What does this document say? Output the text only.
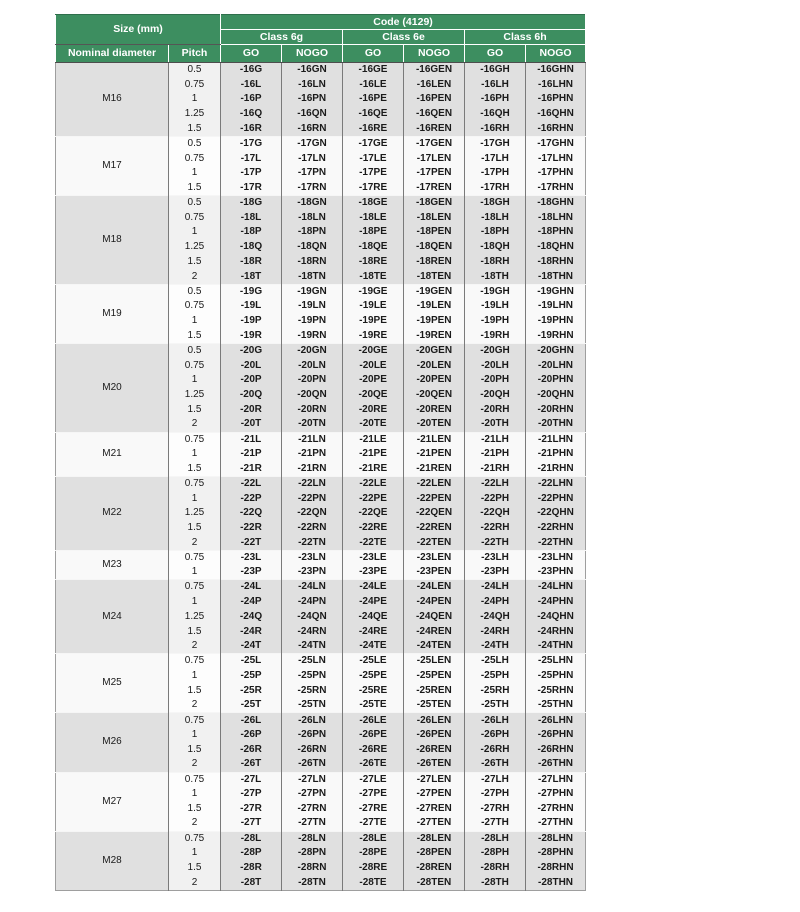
Size (mm)		Code (4129)					
		Class 6g		Class 6e		Class 6h	
Nominal diameter	Pitch	GO	NOGO	GO	NOGO	GO	NOGO
M16	0.5	-16G	-16GN	-16GE	-16GEN	-16GH	-16GHN
	0.75	-16L	-16LN	-16LE	-16LEN	-16LH	-16LHN
	1	-16P	-16PN	-16PE	-16PEN	-16PH	-16PHN
	1.25	-16Q	-16QN	-16QE	-16QEN	-16QH	-16QHN
	1.5	-16R	-16RN	-16RE	-16REN	-16RH	-16RHN
M17	0.5	-17G	-17GN	-17GE	-17GEN	-17GH	-17GHN
	0.75	-17L	-17LN	-17LE	-17LEN	-17LH	-17LHN
	1	-17P	-17PN	-17PE	-17PEN	-17PH	-17PHN
	1.5	-17R	-17RN	-17RE	-17REN	-17RH	-17RHN
M18	0.5	-18G	-18GN	-18GE	-18GEN	-18GH	-18GHN
	0.75	-18L	-18LN	-18LE	-18LEN	-18LH	-18LHN
	1	-18P	-18PN	-18PE	-18PEN	-18PH	-18PHN
	1.25	-18Q	-18QN	-18QE	-18QEN	-18QH	-18QHN
	1.5	-18R	-18RN	-18RE	-18REN	-18RH	-18RHN
	2	-18T	-18TN	-18TE	-18TEN	-18TH	-18THN
M19	0.5	-19G	-19GN	-19GE	-19GEN	-19GH	-19GHN
	0.75	-19L	-19LN	-19LE	-19LEN	-19LH	-19LHN
	1	-19P	-19PN	-19PE	-19PEN	-19PH	-19PHN
	1.5	-19R	-19RN	-19RE	-19REN	-19RH	-19RHN
M20	0.5	-20G	-20GN	-20GE	-20GEN	-20GH	-20GHN
	0.75	-20L	-20LN	-20LE	-20LEN	-20LH	-20LHN
	1	-20P	-20PN	-20PE	-20PEN	-20PH	-20PHN
	1.25	-20Q	-20QN	-20QE	-20QEN	-20QH	-20QHN
	1.5	-20R	-20RN	-20RE	-20REN	-20RH	-20RHN
	2	-20T	-20TN	-20TE	-20TEN	-20TH	-20THN
M21	0.75	-21L	-21LN	-21LE	-21LEN	-21LH	-21LHN
	1	-21P	-21PN	-21PE	-21PEN	-21PH	-21PHN
	1.5	-21R	-21RN	-21RE	-21REN	-21RH	-21RHN
M22	0.75	-22L	-22LN	-22LE	-22LEN	-22LH	-22LHN
	1	-22P	-22PN	-22PE	-22PEN	-22PH	-22PHN
	1.25	-22Q	-22QN	-22QE	-22QEN	-22QH	-22QHN
	1.5	-22R	-22RN	-22RE	-22REN	-22RH	-22RHN
	2	-22T	-22TN	-22TE	-22TEN	-22TH	-22THN
M23	0.75	-23L	-23LN	-23LE	-23LEN	-23LH	-23LHN
	1	-23P	-23PN	-23PE	-23PEN	-23PH	-23PHN
M24	0.75	-24L	-24LN	-24LE	-24LEN	-24LH	-24LHN
	1	-24P	-24PN	-24PE	-24PEN	-24PH	-24PHN
	1.25	-24Q	-24QN	-24QE	-24QEN	-24QH	-24QHN
	1.5	-24R	-24RN	-24RE	-24REN	-24RH	-24RHN
	2	-24T	-24TN	-24TE	-24TEN	-24TH	-24THN
M25	0.75	-25L	-25LN	-25LE	-25LEN	-25LH	-25LHN
	1	-25P	-25PN	-25PE	-25PEN	-25PH	-25PHN
	1.5	-25R	-25RN	-25RE	-25REN	-25RH	-25RHN
	2	-25T	-25TN	-25TE	-25TEN	-25TH	-25THN
M26	0.75	-26L	-26LN	-26LE	-26LEN	-26LH	-26LHN
	1	-26P	-26PN	-26PE	-26PEN	-26PH	-26PHN
	1.5	-26R	-26RN	-26RE	-26REN	-26RH	-26RHN
	2	-26T	-26TN	-26TE	-26TEN	-26TH	-26THN
M27	0.75	-27L	-27LN	-27LE	-27LEN	-27LH	-27LHN
	1	-27P	-27PN	-27PE	-27PEN	-27PH	-27PHN
	1.5	-27R	-27RN	-27RE	-27REN	-27RH	-27RHN
	2	-27T	-27TN	-27TE	-27TEN	-27TH	-27THN
M28	0.75	-28L	-28LN	-28LE	-28LEN	-28LH	-28LHN
	1	-28P	-28PN	-28PE	-28PEN	-28PH	-28PHN
	1.5	-28R	-28RN	-28RE	-28REN	-28RH	-28RHN
	2	-28T	-28TN	-28TE	-28TEN	-28TH	-28THN
